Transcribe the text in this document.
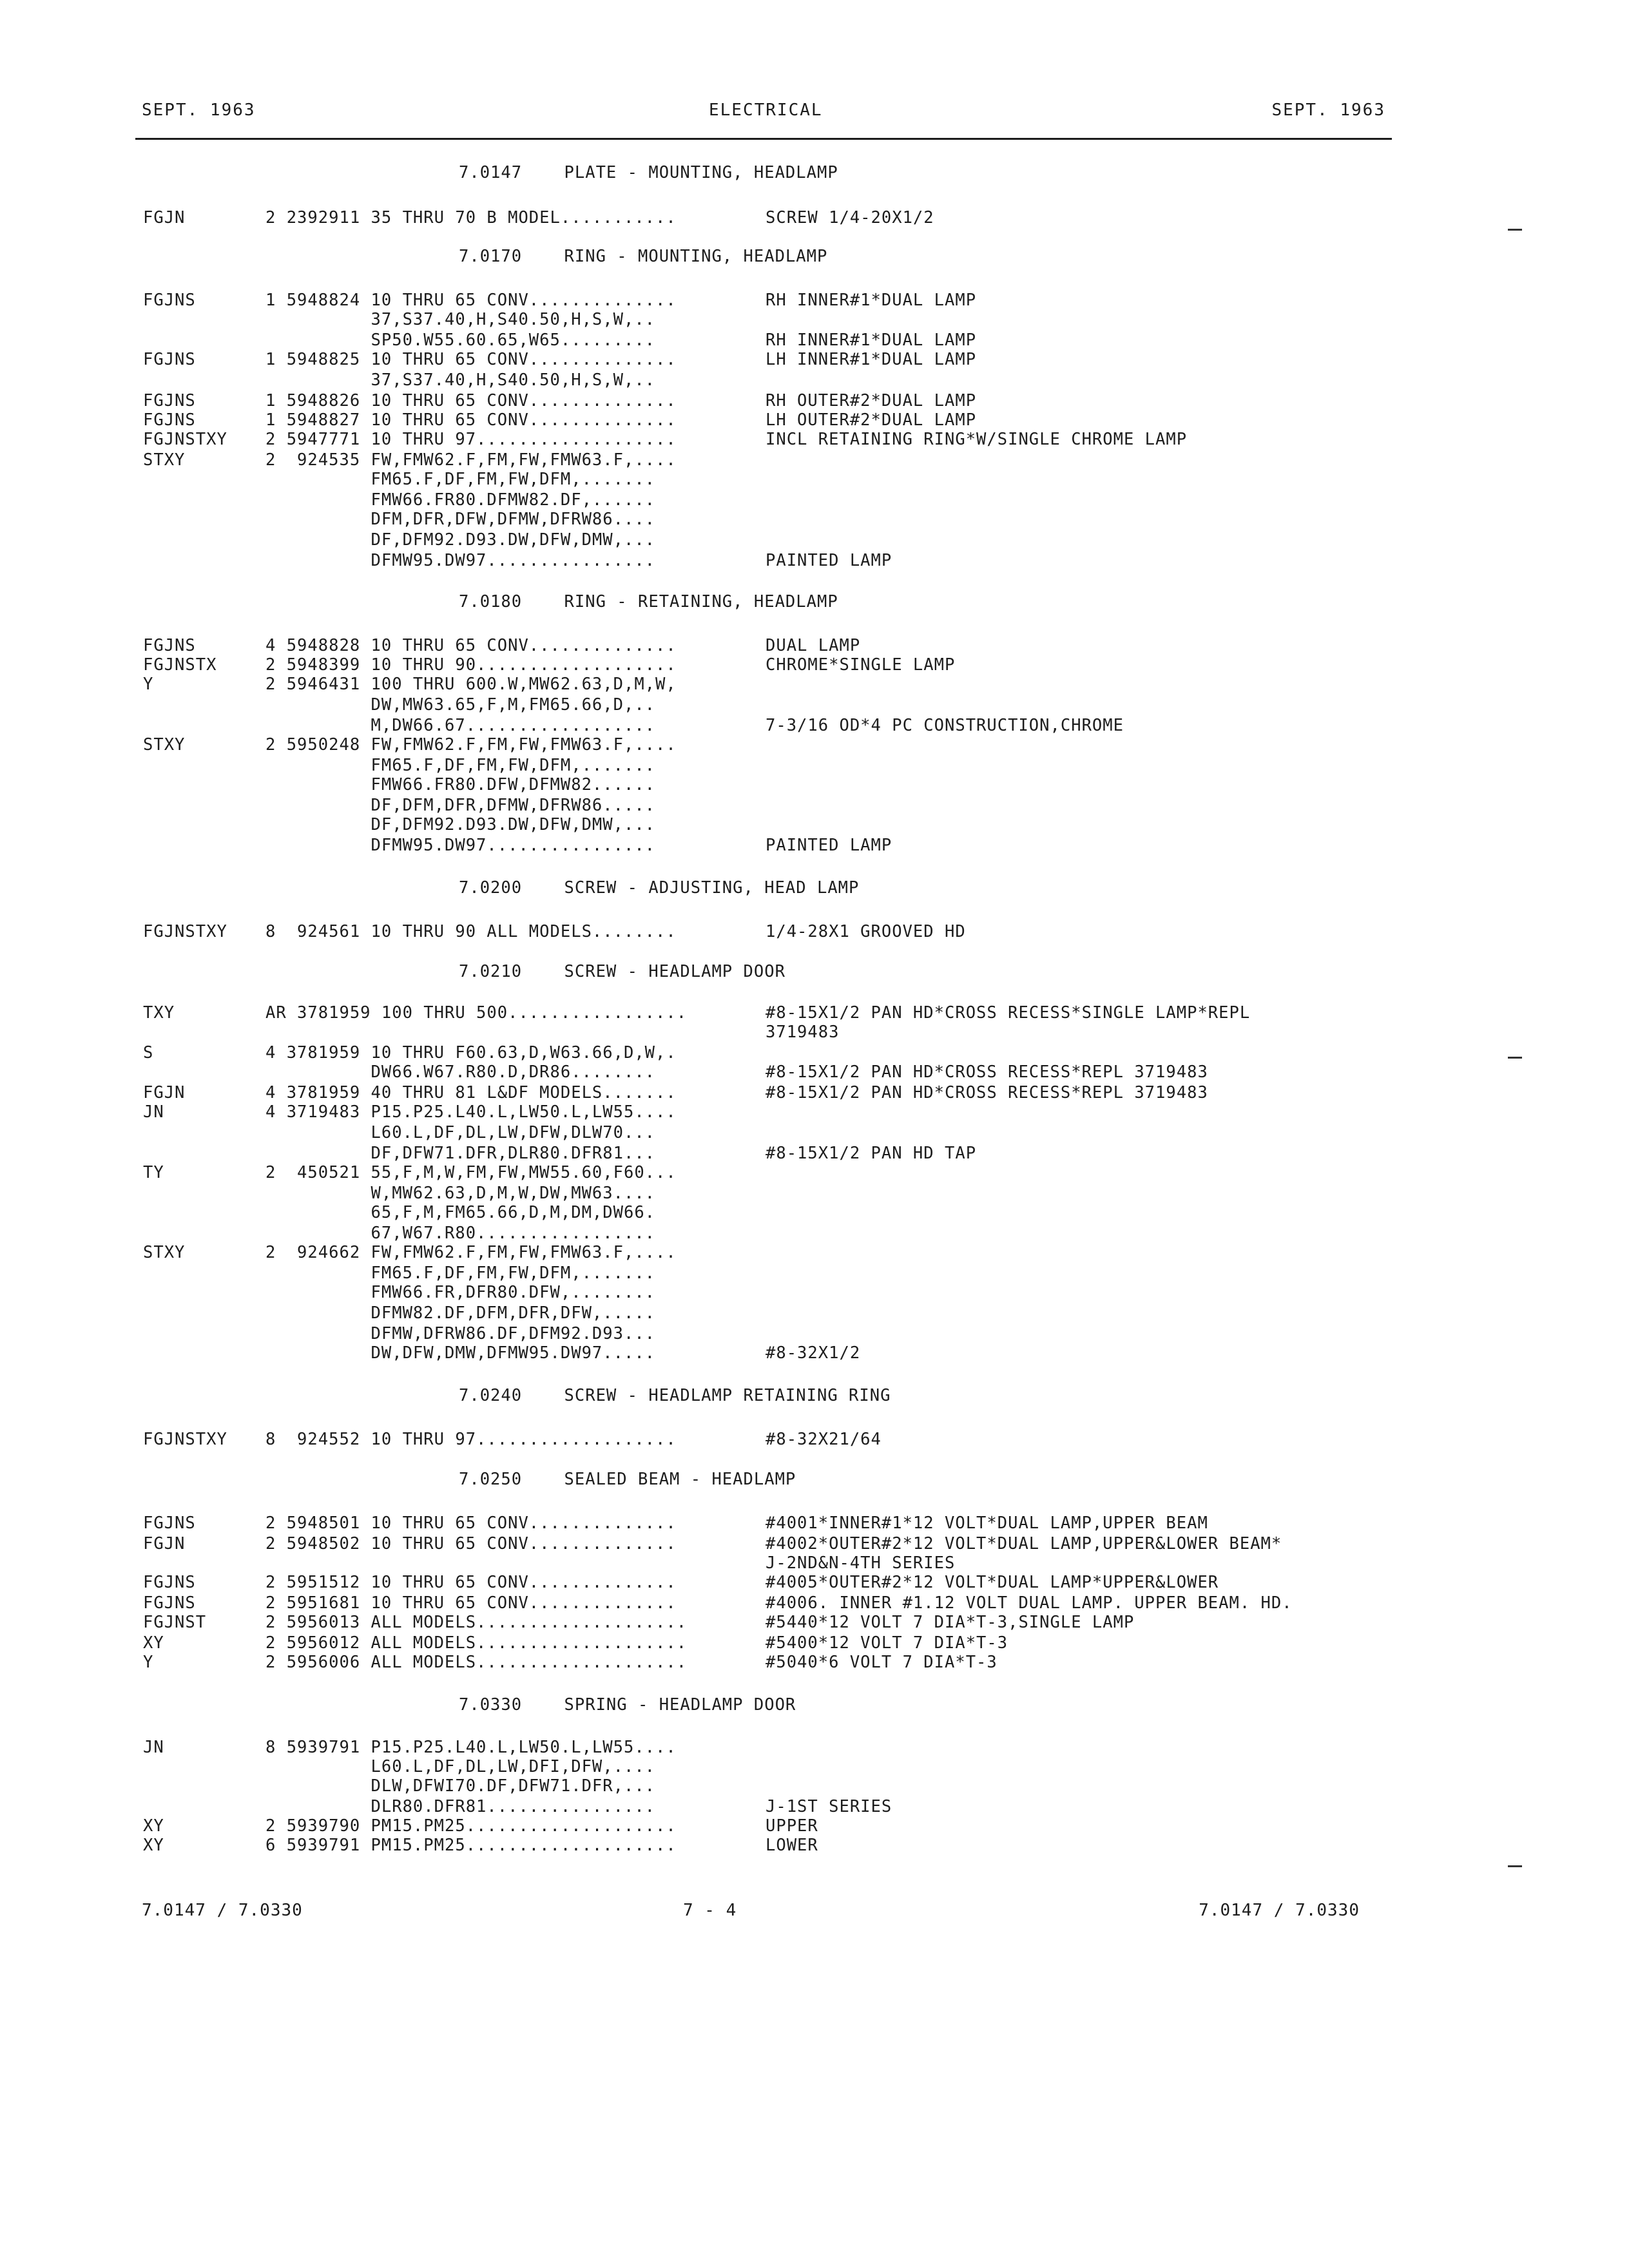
SEPT. 1963	ELECTRICAL	SEPT. 1963
7.0147    PLATE - MOUNTING, HEADLAMP
FGJN	2 2392911 35 THRU 70 B MODEL...........	SCREW 1/4-20X1/2
7.0170    RING - MOUNTING, HEADLAMP
FGJNS	1 5948824 10 THRU 65 CONV..............	RH INNER#1*DUAL LAMP
37,S37.40,H,S40.50,H,S,W,..
SP50.W55.60.65,W65.........	RH INNER#1*DUAL LAMP
FGJNS	1 5948825 10 THRU 65 CONV..............	LH INNER#1*DUAL LAMP
37,S37.40,H,S40.50,H,S,W,..
FGJNS	1 5948826 10 THRU 65 CONV..............	RH OUTER#2*DUAL LAMP
FGJNS	1 5948827 10 THRU 65 CONV..............	LH OUTER#2*DUAL LAMP
FGJNSTXY 2 5947771 10 THRU 97...................	INCL RETAINING RING*W/SINGLE CHROME LAMP
STXY	2  924535 FW,FMW62.F,FM,FW,FMW63.F,....
FM65.F,DF,FM,FW,DFM,.......
FMW66.FR80.DFMW82.DF,......
DFM,DFR,DFW,DFMW,DFRW86....
DF,DFM92.D93.DW,DFW,DMW,...
DFMW95.DW97................	PAINTED LAMP
7.0180    RING - RETAINING, HEADLAMP
FGJNS	4 5948828 10 THRU 65 CONV..............	DUAL LAMP
FGJNSTX	2 5948399 10 THRU 90...................	CHROME*SINGLE LAMP
Y	2 5946431 100 THRU 600.W,MW62.63,D,M,W,
DW,MW63.65,F,M,FM65.66,D,..
M,DW66.67..................	7-3/16 OD*4 PC CONSTRUCTION,CHROME
STXY	2 5950248 FW,FMW62.F,FM,FW,FMW63.F,....
FM65.F,DF,FM,FW,DFM,.......
FMW66.FR80.DFW,DFMW82......
DF,DFM,DFR,DFMW,DFRW86.....
DF,DFM92.D93.DW,DFW,DMW,...
DFMW95.DW97................	PAINTED LAMP
7.0200    SCREW - ADJUSTING, HEAD LAMP
FGJNSTXY 8  924561 10 THRU 90 ALL MODELS........	1/4-28X1 GROOVED HD
7.0210    SCREW - HEADLAMP DOOR
TXY	AR 3781959 100 THRU 500.................	#8-15X1/2 PAN HD*CROSS RECESS*SINGLE LAMP*REPL
3719483
S	4 3781959 10 THRU F60.63,D,W63.66,D,W,.
DW66.W67.R80.D,DR86........	#8-15X1/2 PAN HD*CROSS RECESS*REPL 3719483
FGJN	4 3781959 40 THRU 81 L&DF MODELS.......	#8-15X1/2 PAN HD*CROSS RECESS*REPL 3719483
JN	4 3719483 P15.P25.L40.L,LW50.L,LW55....
L60.L,DF,DL,LW,DFW,DLW70...
DF,DFW71.DFR,DLR80.DFR81...	#8-15X1/2 PAN HD TAP
TY	2  450521 55,F,M,W,FM,FW,MW55.60,F60...
W,MW62.63,D,M,W,DW,MW63....
65,F,M,FM65.66,D,M,DM,DW66.
67,W67.R80.................
STXY	2  924662 FW,FMW62.F,FM,FW,FMW63.F,....
FM65.F,DF,FM,FW,DFM,.......
FMW66.FR,DFR80.DFW,........
DFMW82.DF,DFM,DFR,DFW,.....
DFMW,DFRW86.DF,DFM92.D93...
DW,DFW,DMW,DFMW95.DW97.....	#8-32X1/2
7.0240    SCREW - HEADLAMP RETAINING RING
FGJNSTXY 8  924552 10 THRU 97...................	#8-32X21/64
7.0250    SEALED BEAM - HEADLAMP
FGJNS	2 5948501 10 THRU 65 CONV..............	#4001*INNER#1*12 VOLT*DUAL LAMP,UPPER BEAM
FGJN	2 5948502 10 THRU 65 CONV..............	#4002*OUTER#2*12 VOLT*DUAL LAMP,UPPER&LOWER BEAM*
J-2ND&N-4TH SERIES
FGJNS	2 5951512 10 THRU 65 CONV..............	#4005*OUTER#2*12 VOLT*DUAL LAMP*UPPER&LOWER
FGJNS	2 5951681 10 THRU 65 CONV..............	#4006. INNER #1.12 VOLT DUAL LAMP. UPPER BEAM. HD.
FGJNST	2 5956013 ALL MODELS....................	#5440*12 VOLT 7 DIA*T-3,SINGLE LAMP
XY	2 5956012 ALL MODELS....................	#5400*12 VOLT 7 DIA*T-3
Y	2 5956006 ALL MODELS....................	#5040*6 VOLT 7 DIA*T-3
7.0330    SPRING - HEADLAMP DOOR
JN	8 5939791 P15.P25.L40.L,LW50.L,LW55....
L60.L,DF,DL,LW,DFI,DFW,....
DLW,DFWI70.DF,DFW71.DFR,...
DLR80.DFR81................	J-1ST SERIES
XY	2 5939790 PM15.PM25....................	UPPER
XY	6 5939791 PM15.PM25....................	LOWER
7.0147 / 7.0330	7 - 4	7.0147 / 7.0330
